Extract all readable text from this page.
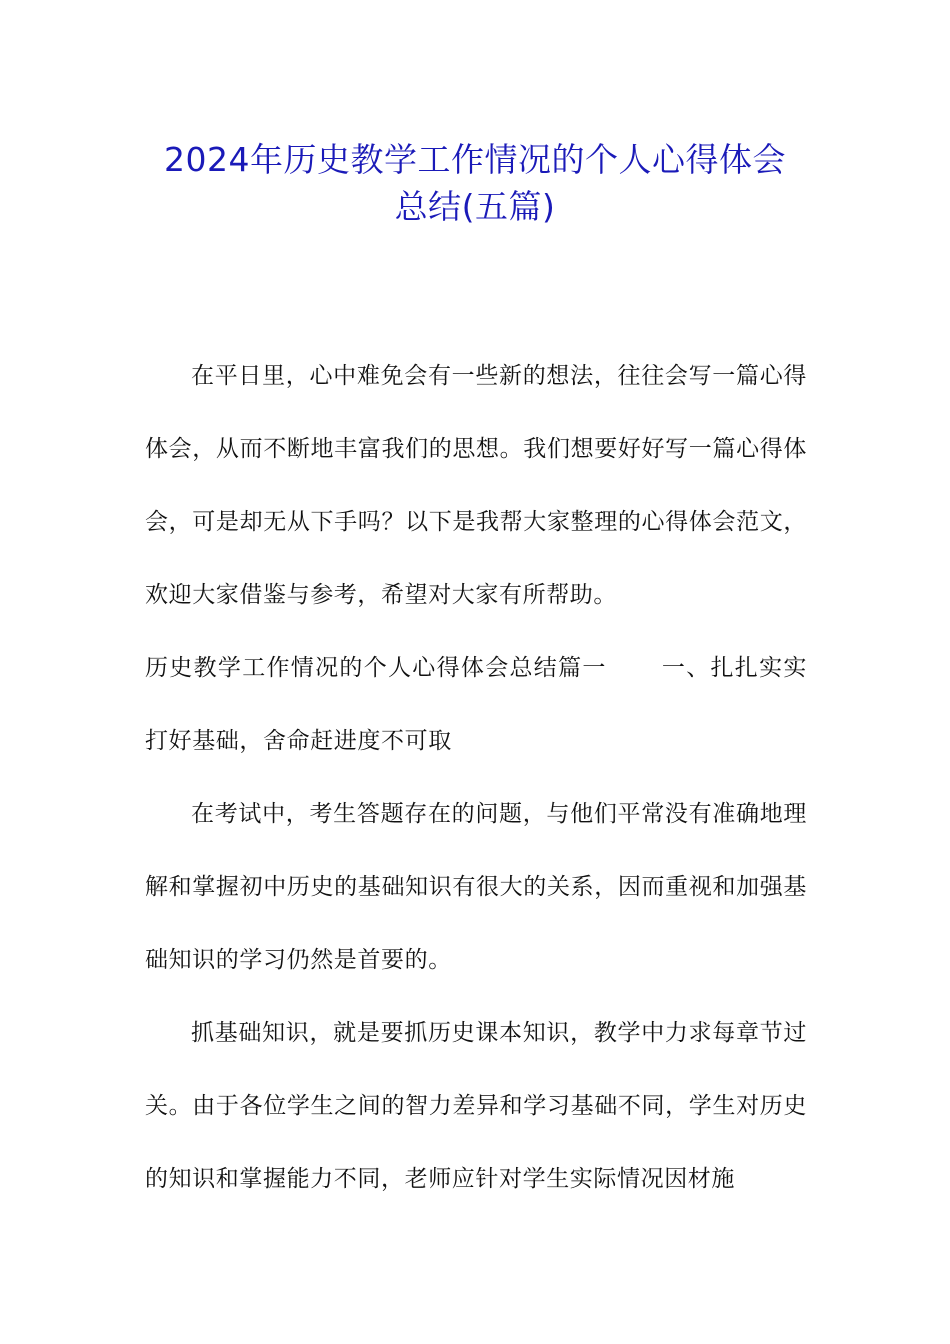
2024年历史教学工作情况的个人心得体会
总结(五篇)

在平日里，心中难免会有一些新的想法，往往会写一篇心得体会，从而不断地丰富我们的思想。我们想要好好写一篇心得体会，可是却无从下手吗？以下是我帮大家整理的心得体会范文，欢迎大家借鉴与参考，希望对大家有所帮助。

历史教学工作情况的个人心得体会总结篇一 一、扎扎实实打好基础，舍命赶进度不可取

在考试中，考生答题存在的问题，与他们平常没有准确地理解和掌握初中历史的基础知识有很大的关系，因而重视和加强基础知识的学习仍然是首要的。

抓基础知识，就是要抓历史课本知识，教学中力求每章节过关。由于各位学生之间的智力差异和学习基础不同，学生对历史的知识和掌握能力不同，老师应针对学生实际情况因材施
